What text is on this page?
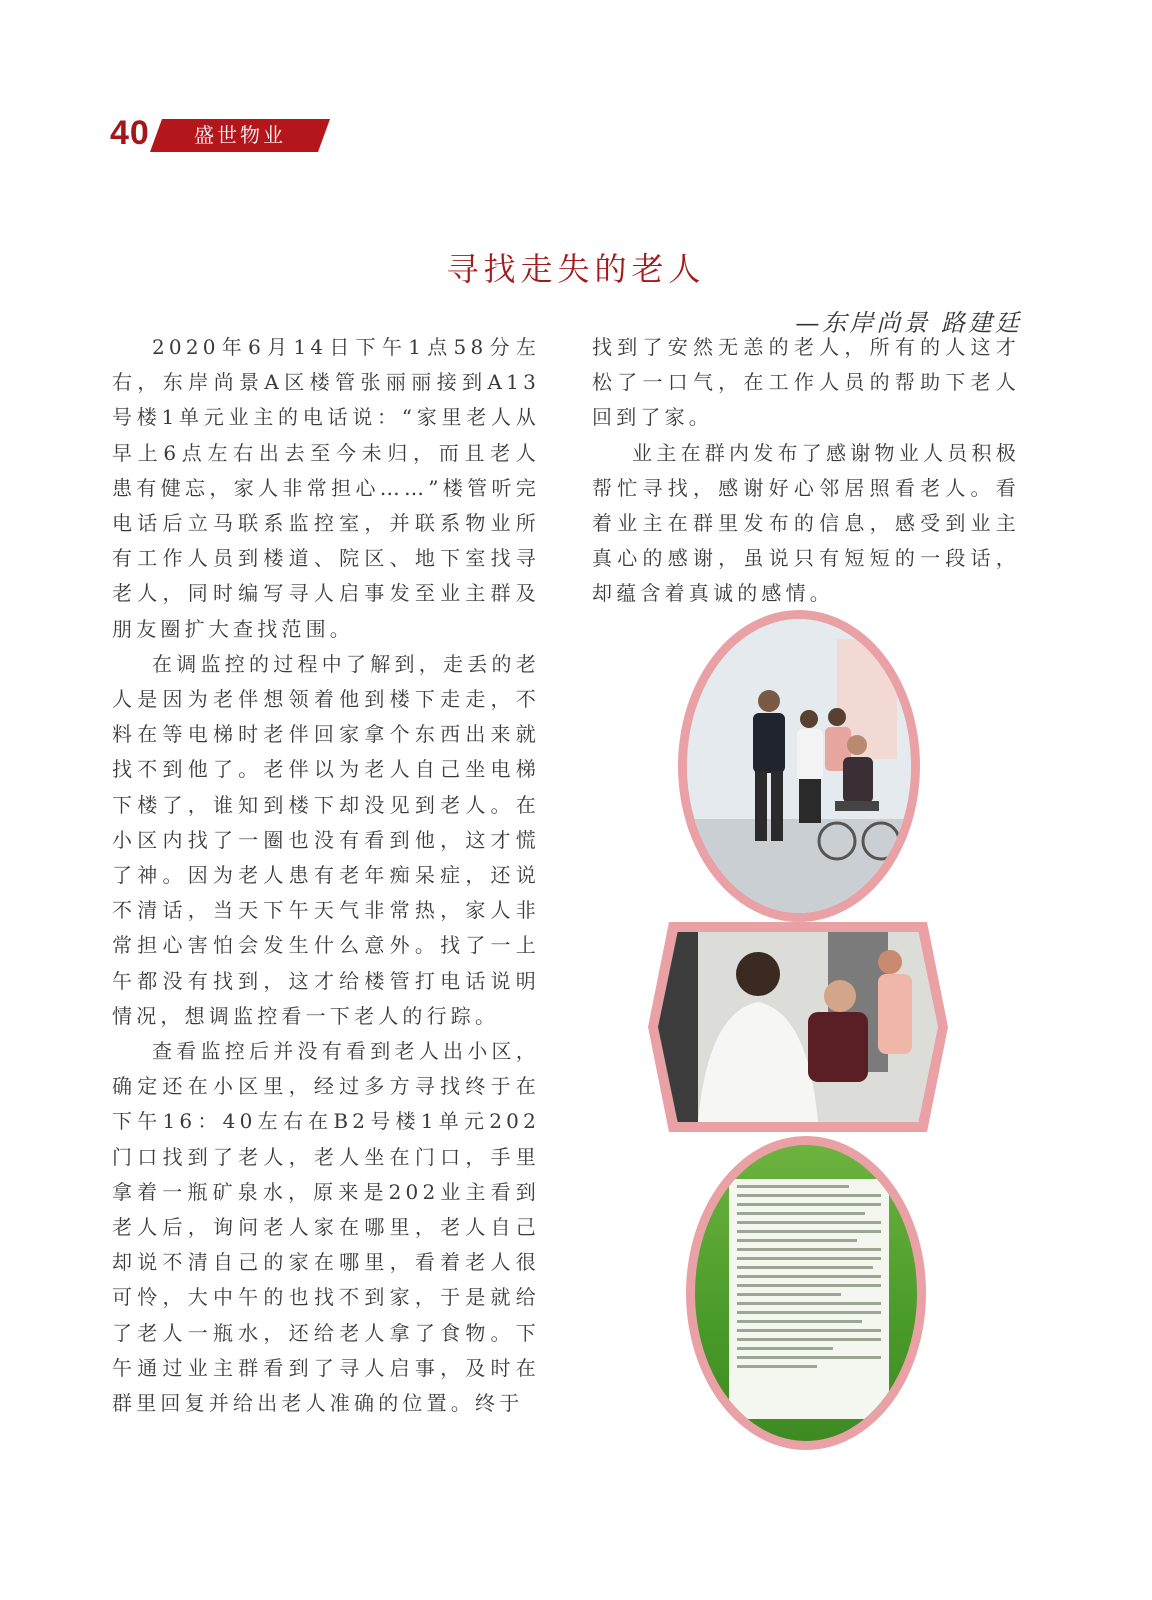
40	盛世物业
寻找走失的老人
—东岸尚景 路建廷

2020年6月14日下午1点58分左右，东岸尚景A区楼管张丽丽接到A13号楼1单元业主的电话说：“家里老人从早上6点左右出去至今未归，而且老人患有健忘，家人非常担心……”楼管听完电话后立马联系监控室，并联系物业所有工作人员到楼道、院区、地下室找寻老人，同时编写寻人启事发至业主群及朋友圈扩大查找范围。

在调监控的过程中了解到，走丢的老人是因为老伴想领着他到楼下走走，不料在等电梯时老伴回家拿个东西出来就找不到他了。老伴以为老人自己坐电梯下楼了，谁知到楼下却没见到老人。在小区内找了一圈也没有看到他，这才慌了神。因为老人患有老年痴呆症，还说不清话，当天下午天气非常热，家人非常担心害怕会发生什么意外。找了一上午都没有找到，这才给楼管打电话说明情况，想调监控看一下老人的行踪。

查看监控后并没有看到老人出小区，确定还在小区里，经过多方寻找终于在下午16：40左右在B2号楼1单元202门口找到了老人，老人坐在门口，手里拿着一瓶矿泉水，原来是202业主看到老人后，询问老人家在哪里，老人自己却说不清自己的家在哪里，看着老人很可怜，大中午的也找不到家，于是就给了老人一瓶水，还给老人拿了食物。下午通过业主群看到了寻人启事，及时在群里回复并给出老人准确的位置。终于

找到了安然无恙的老人，所有的人这才松了一口气，在工作人员的帮助下老人回到了家。

业主在群内发布了感谢物业人员积极帮忙寻找，感谢好心邻居照看老人。看着业主在群里发布的信息，感受到业主真心的感谢，虽说只有短短的一段话，却蕴含着真诚的感情。
